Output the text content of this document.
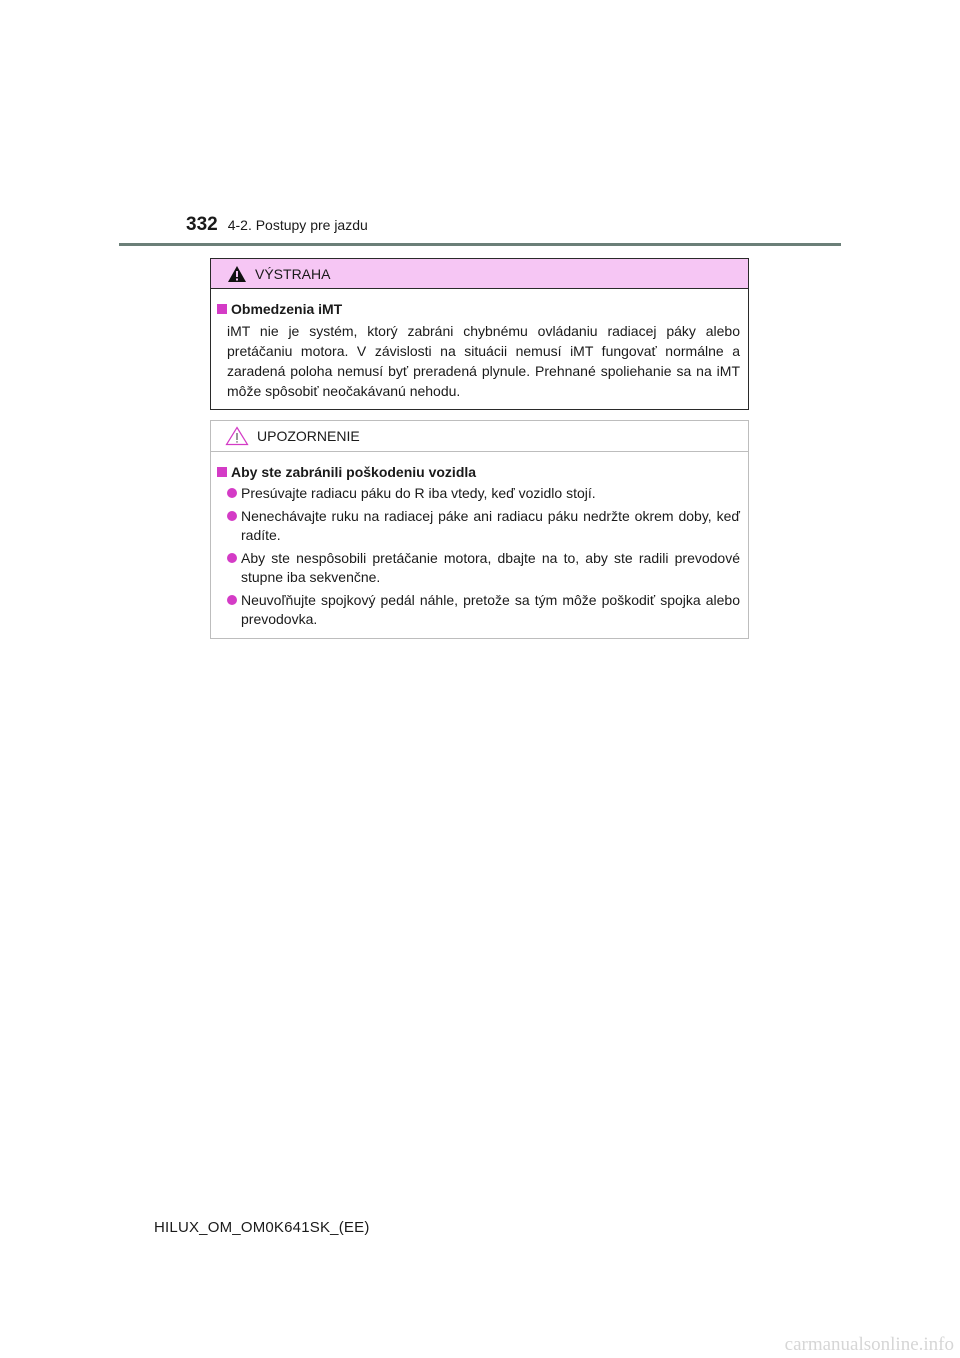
332 4-2. Postupy pre jazdu
VÝSTRAHA
Obmedzenia iMT
iMT nie je systém, ktorý zabráni chybnému ovládaniu radiacej páky alebo pretáčaniu motora. V závislosti na situácii nemusí iMT fungovať normálne a zaradená poloha nemusí byť preradená plynule. Prehnané spoliehanie sa na iMT môže spôsobiť neočakávanú nehodu.
UPOZORNENIE
Aby ste zabránili poškodeniu vozidla
Presúvajte radiacu páku do R iba vtedy, keď vozidlo stojí.
Nenechávajte ruku na radiacej páke ani radiacu páku nedržte okrem doby, keď radíte.
Aby ste nespôsobili pretáčanie motora, dbajte na to, aby ste radili prevodové stupne iba sekvenčne.
Neuvoľňujte spojkový pedál náhle, pretože sa tým môže poškodiť spojka alebo prevodovka.
HILUX_OM_OM0K641SK_(EE)
carmanualsonline.info
